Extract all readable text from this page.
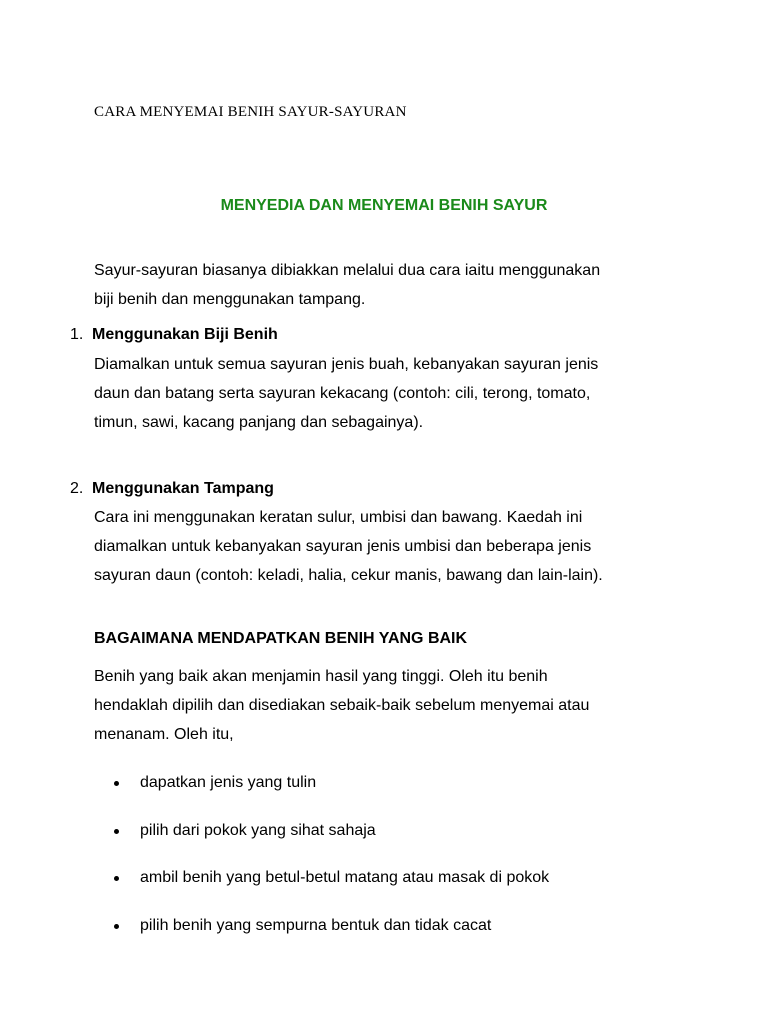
CARA MENYEMAI BENIH SAYUR-SAYURAN
MENYEDIA DAN MENYEMAI BENIH SAYUR

Sayur-sayuran biasanya dibiakkan melalui dua cara iaitu menggunakan

biji benih dan menggunakan tampang.

1. Menggunakan Biji Benih

Diamalkan untuk semua sayuran jenis buah, kebanyakan sayuran jenis

daun dan batang serta sayuran kekacang (contoh: cili, terong, tomato,

timun, sawi, kacang panjang dan sebagainya).

2. Menggunakan Tampang

Cara ini menggunakan keratan sulur, umbisi dan bawang. Kaedah ini

diamalkan untuk kebanyakan sayuran jenis umbisi dan beberapa jenis

sayuran daun (contoh: keladi, halia, cekur manis, bawang dan lain-lain).

BAGAIMANA MENDAPATKAN BENIH YANG BAIK

Benih yang baik akan menjamin hasil yang tinggi. Oleh itu benih

hendaklah dipilih dan disediakan sebaik-baik sebelum menyemai atau

menanam. Oleh itu,

dapatkan jenis yang tulin
pilih dari pokok yang sihat sahaja
ambil benih yang betul-betul matang atau masak di pokok
pilih benih yang sempurna bentuk dan tidak cacat
